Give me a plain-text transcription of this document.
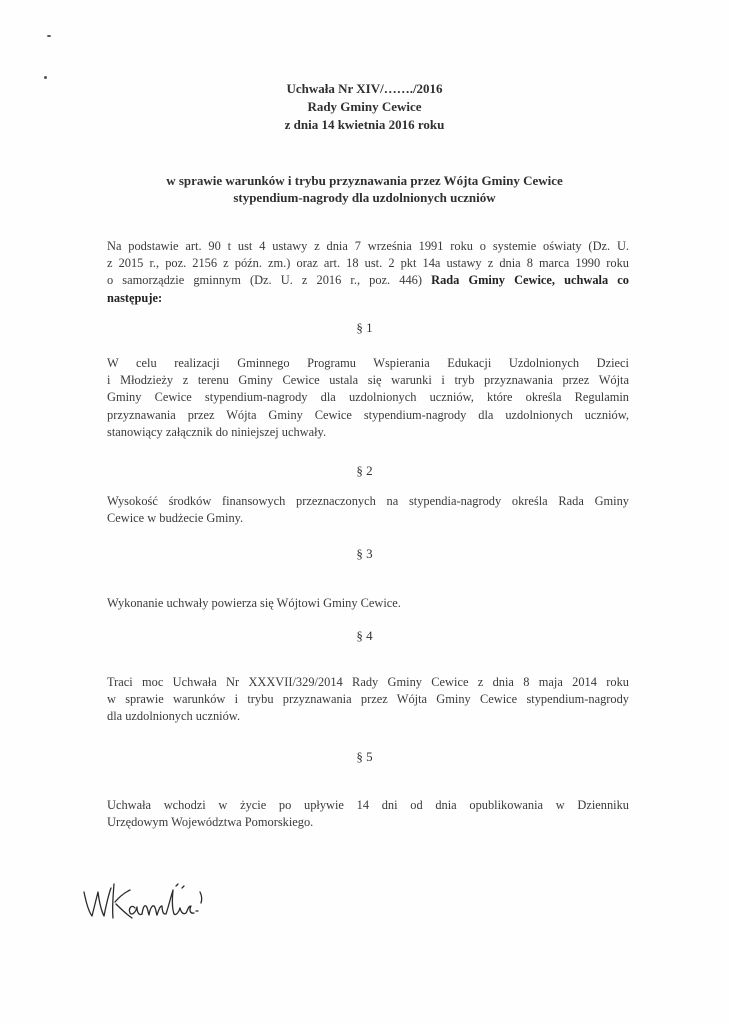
Uchwała Nr XIV/……./2016
Rady Gminy Cewice
z dnia 14 kwietnia 2016 roku
w sprawie warunków i trybu przyznawania przez Wójta Gminy Cewice
stypendium-nagrody dla uzdolnionych uczniów
Na podstawie art. 90 t ust 4 ustawy z dnia 7 września 1991 roku o systemie oświaty (Dz. U.
z 2015 r., poz. 2156 z późn. zm.) oraz art. 18 ust. 2 pkt 14a ustawy z dnia 8 marca 1990 roku
o samorządzie gminnym (Dz. U. z 2016 r., poz. 446) Rada Gminy Cewice, uchwala co
następuje:
§ 1
W celu realizacji Gminnego Programu Wspierania Edukacji Uzdolnionych Dzieci
i Młodzieży z terenu Gminy Cewice ustala się warunki i tryb przyznawania przez Wójta
Gminy Cewice stypendium-nagrody dla uzdolnionych uczniów, które określa Regulamin
przyznawania przez Wójta Gminy Cewice stypendium-nagrody dla uzdolnionych uczniów,
stanowiący załącznik do niniejszej uchwały.
§ 2
Wysokość środków finansowych przeznaczonych na stypendia-nagrody określa Rada Gminy
Cewice w budżecie Gminy.
§ 3
Wykonanie uchwały powierza się Wójtowi Gminy Cewice.
§ 4
Traci moc Uchwała Nr XXXVII/329/2014 Rady Gminy Cewice z dnia 8 maja 2014 roku
w sprawie warunków i trybu przyznawania przez Wójta Gminy Cewice stypendium-nagrody
dla uzdolnionych uczniów.
§ 5
Uchwała wchodzi w życie po upływie 14 dni od dnia opublikowania w Dzienniku
Urzędowym Województwa Pomorskiego.
